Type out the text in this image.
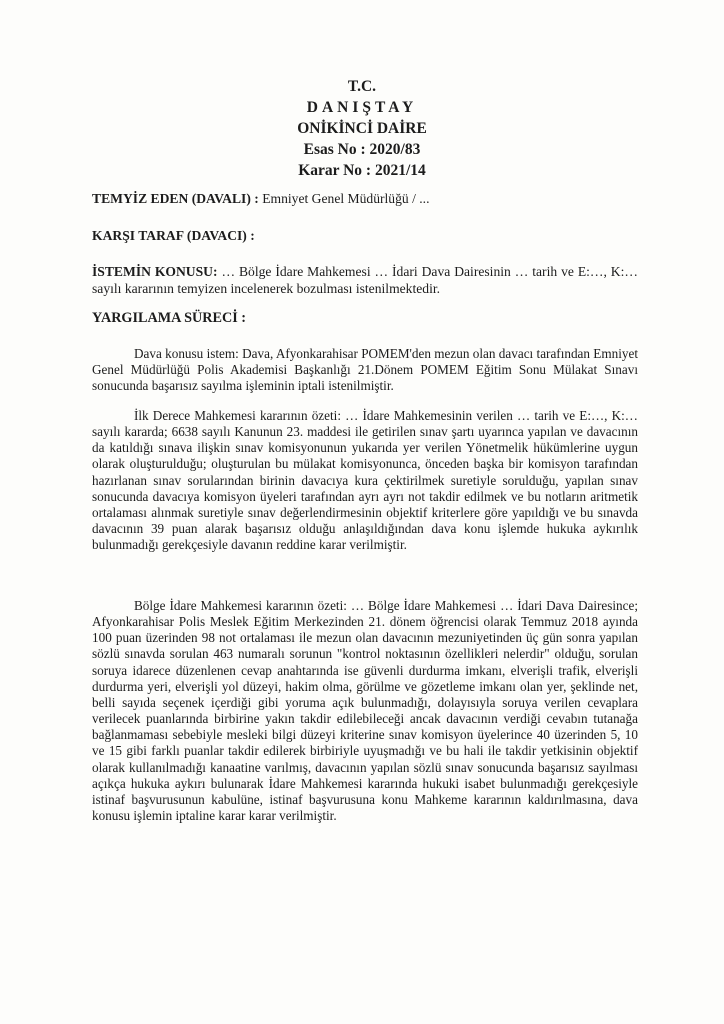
T.C.
DANIŞTAY
ONİKİNCİ DAİRE
Esas No : 2020/83
Karar No : 2021/14
TEMYİZ EDEN (DAVALI) : Emniyet Genel Müdürlüğü / ...
KARŞI TARAF (DAVACI) :
İSTEMİN KONUSU: … Bölge İdare Mahkemesi … İdari Dava Dairesinin … tarih ve E:…, K:… sayılı kararının temyizen incelenerek bozulması istenilmektedir.
YARGILAMA SÜRECİ :
Dava konusu istem: Dava, Afyonkarahisar POMEM'den mezun olan davacı tarafından Emniyet Genel Müdürlüğü Polis Akademisi Başkanlığı 21.Dönem POMEM Eğitim Sonu Mülakat Sınavı sonucunda başarısız sayılma işleminin iptali istenilmiştir.
İlk Derece Mahkemesi kararının özeti: … İdare Mahkemesinin verilen … tarih ve E:…, K:… sayılı kararda; 6638 sayılı Kanunun 23. maddesi ile getirilen sınav şartı uyarınca yapılan ve davacının da katıldığı sınava ilişkin sınav komisyonunun yukarıda yer verilen Yönetmelik hükümlerine uygun olarak oluşturulduğu; oluşturulan bu mülakat komisyonunca, önceden başka bir komisyon tarafından hazırlanan sınav sorularından birinin davacıya kura çektirilmek suretiyle sorulduğu, yapılan sınav sonucunda davacıya komisyon üyeleri tarafından ayrı ayrı not takdir edilmek ve bu notların aritmetik ortalaması alınmak suretiyle sınav değerlendirmesinin objektif kriterlere göre yapıldığı ve bu sınavda davacının 39 puan alarak başarısız olduğu anlaşıldığından dava konu işlemde hukuka aykırılık bulunmadığı gerekçesiyle davanın reddine karar verilmiştir.
Bölge İdare Mahkemesi kararının özeti: … Bölge İdare Mahkemesi … İdari Dava Dairesince; Afyonkarahisar Polis Meslek Eğitim Merkezinden 21. dönem öğrencisi olarak Temmuz 2018 ayında 100 puan üzerinden 98 not ortalaması ile mezun olan davacının mezuniyetinden üç gün sonra yapılan sözlü sınavda sorulan 463 numaralı sorunun "kontrol noktasının özellikleri nelerdir" olduğu, sorulan soruya idarece düzenlenen cevap anahtarında ise güvenli durdurma imkanı, elverişli trafik, elverişli durdurma yeri, elverişli yol düzeyi, hakim olma, görülme ve gözetleme imkanı olan yer, şeklinde net, belli sayıda seçenek içerdiği gibi yoruma açık bulunmadığı, dolayısıyla soruya verilen cevaplara verilecek puanlarında birbirine yakın takdir edilebileceği ancak davacının verdiği cevabın tutanağa bağlanmaması sebebiyle mesleki bilgi düzeyi kriterine sınav komisyon üyelerince 40 üzerinden 5, 10 ve 15 gibi farklı puanlar takdir edilerek birbiriyle uyuşmadığı ve bu hali ile takdir yetkisinin objektif olarak kullanılmadığı kanaatine varılmış, davacının yapılan sözlü sınav sonucunda başarısız sayılması açıkça hukuka aykırı bulunarak İdare Mahkemesi kararında hukuki isabet bulunmadığı gerekçesiyle istinaf başvurusunun kabulüne, istinaf başvurusuna konu Mahkeme kararının kaldırılmasına, dava konusu işlemin iptaline karar karar verilmiştir.
